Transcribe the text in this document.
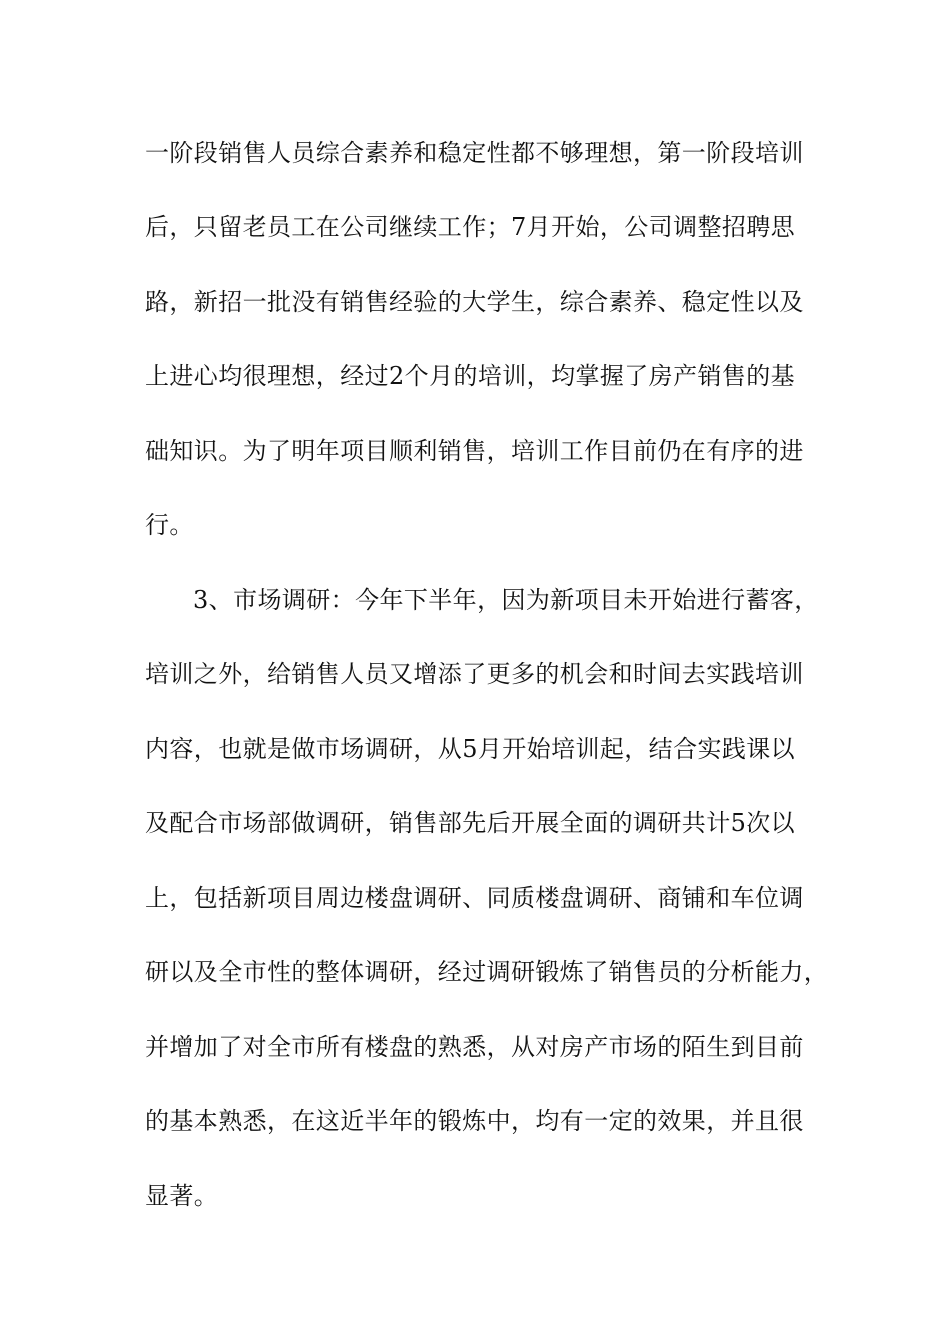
一阶段销售人员综合素养和稳定性都不够理想，第一阶段培训
后，只留老员工在公司继续工作；7月开始，公司调整招聘思
路，新招一批没有销售经验的大学生，综合素养、稳定性以及
上进心均很理想，经过2个月的培训，均掌握了房产销售的基
础知识。为了明年项目顺利销售，培训工作目前仍在有序的进
行。
3、市场调研：今年下半年，因为新项目未开始进行蓄客，
培训之外，给销售人员又增添了更多的机会和时间去实践培训
内容，也就是做市场调研，从5月开始培训起，结合实践课以
及配合市场部做调研，销售部先后开展全面的调研共计5次以
上，包括新项目周边楼盘调研、同质楼盘调研、商铺和车位调
研以及全市性的整体调研，经过调研锻炼了销售员的分析能力，
并增加了对全市所有楼盘的熟悉，从对房产市场的陌生到目前
的基本熟悉，在这近半年的锻炼中，均有一定的效果，并且很
显著。
